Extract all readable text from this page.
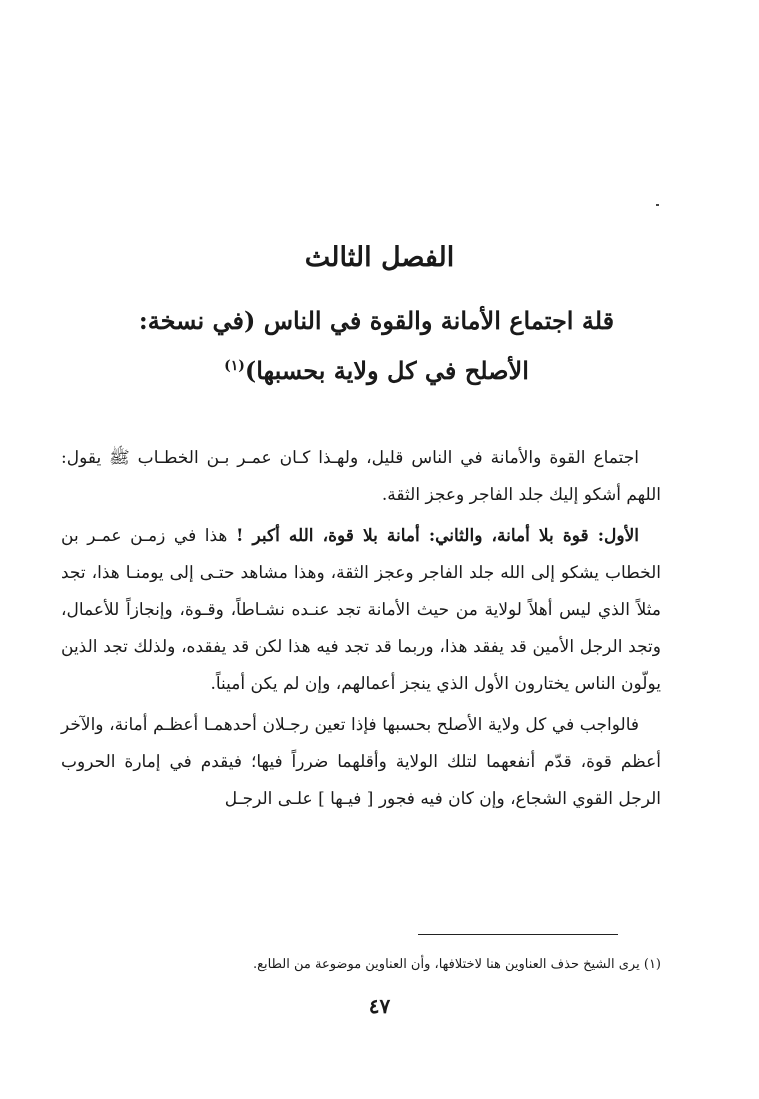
الفصل الثالث
قلة اجتماع الأمانة والقوة في الناس (في نسخة: الأصلح في كل ولاية بحسبها)$^{(١)}$

اجتماع القوة والأمانة في الناس قليل، ولهـذا كـان عمـر بـن الخطـاب ﷺ يقول: اللهم أشكو إليك جلد الفاجر وعجز الثقة.

الأول: قوة بلا أمانة، والثاني: أمانة بلا قوة، الله أكبر ! هذا في زمـن عمـر بن الخطاب يشكو إلى الله جلد الفاجر وعجز الثقة، وهذا مشاهد حتـى إلى يومنـا هذا، تجد مثلاً الذي ليس أهلاً لولاية من حيث الأمانة تجد عنـده نشـاطاً، وقـوة، وإنجازاً للأعمال، وتجد الرجل الأمين قد يفقد هذا، وربما قد تجد فيه هذا لكن قد يفقده، ولذلك تجد الذين يولّون الناس يختارون الأول الذي ينجز أعمالهم، وإن لم يكن أميناً.

فالواجب في كل ولاية الأصلح بحسبها فإذا تعين رجـلان أحدهمـا أعظـم أمانة، والآخر أعظم قوة، قدّم أنفعهما لتلك الولاية وأقلهما ضرراً فيها؛ فيقدم في إمارة الحروب الرجل القوي الشجاع، وإن كان فيه فجور [ فيـها ] علـى الرجـل

(١) يرى الشيخ حذف العناوين هنا لاختلافها، وأن العناوين موضوعة من الطابع.
٤٧
